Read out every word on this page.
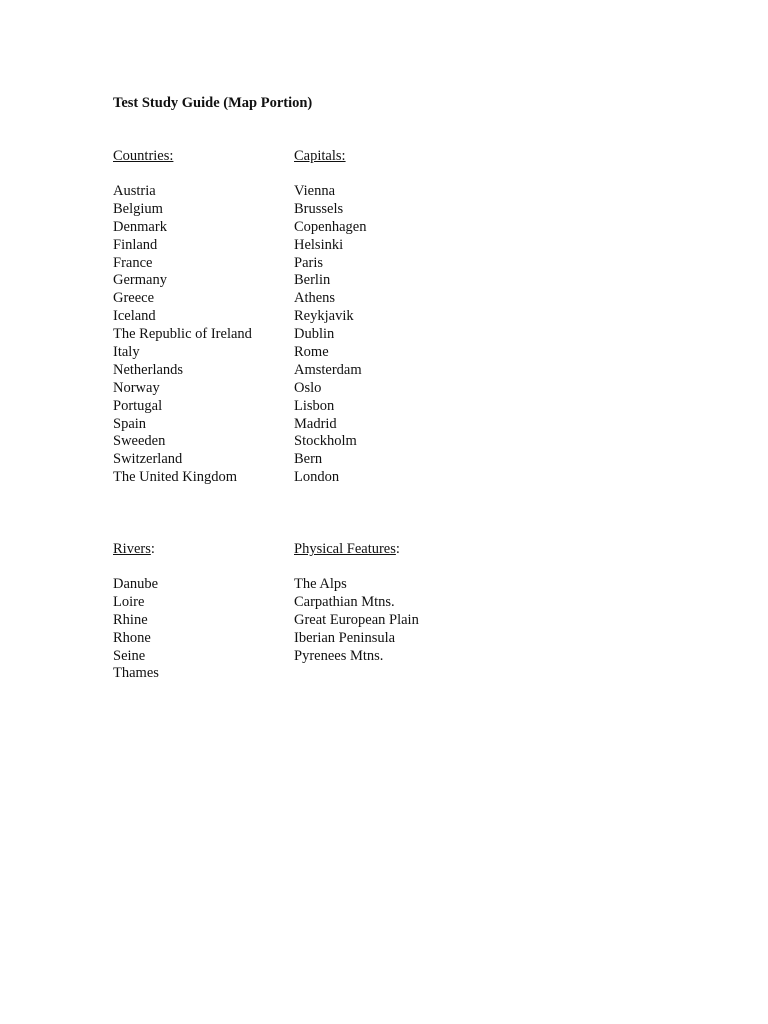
Test Study Guide (Map Portion)
Countries:
Austria
Belgium
Denmark
Finland
France
Germany
Greece
Iceland
The Republic of Ireland
Italy
Netherlands
Norway
Portugal
Spain
Sweeden
Switzerland
The United Kingdom
Capitals:
Vienna
Brussels
Copenhagen
Helsinki
Paris
Berlin
Athens
Reykjavik
Dublin
Rome
Amsterdam
Oslo
Lisbon
Madrid
Stockholm
Bern
London
Rivers:
Danube
Loire
Rhine
Rhone
Seine
Thames
Physical Features:
The Alps
Carpathian Mtns.
Great European Plain
Iberian Peninsula
Pyrenees Mtns.
